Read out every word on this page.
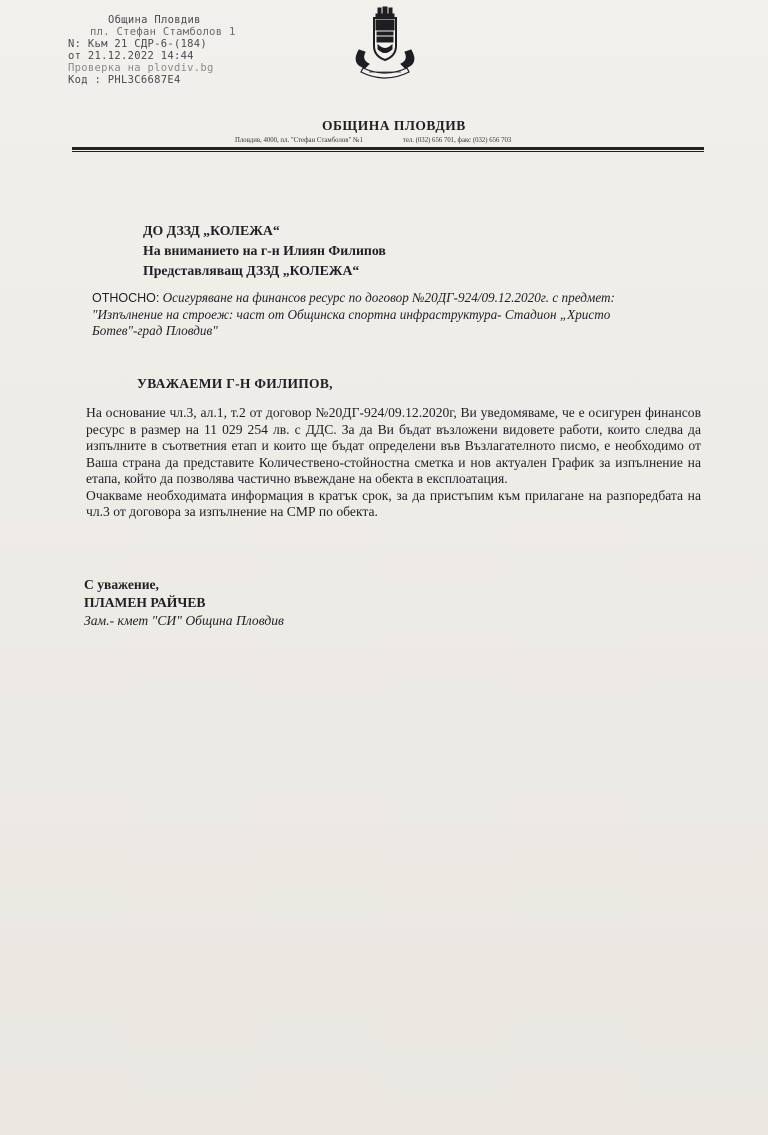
Община Пловдив
пл. Стефан Стамболов 1
N: Кьм 21 СДР-6-(184)
от 21.12.2022 14:44
Проверка на plovdiv.bg
Код : PHL3C6687E4
ОБЩИНА ПЛОВДИВ
Пловдив, 4000, пл. "Стефан Стамболов" №1	тел. (032) 656 701, факс (032) 656 703
ДО ДЗЗД „КОЛЕЖА“
На вниманието на г-н Илиян Филипов
Представляващ ДЗЗД „КОЛЕЖА“
ОТНОСНО: Осигуряване на финансов ресурс по договор №20ДГ-924/09.12.2020г. с предмет:
"Изпълнение на строеж: част от Общинска спортна инфраструктура- Стадион „Христо
Ботев"-град Пловдив"
УВАЖАЕМИ Г-Н ФИЛИПОВ,

На основание чл.3, ал.1, т.2 от договор №20ДГ-924/09.12.2020г, Ви уведомяваме, че е осигурен финансов ресурс в размер на 11 029 254 лв. с ДДС. За да Ви бъдат възложени видовете работи, които следва да изпълните в съответния етап и които ще бъдат определени във Възлагателното писмо, е необходимо от Ваша страна да представите Количествено-стойностна сметка и нов актуален График за изпълнение на етапа, който да позволява частично въвеждане на обекта в експлоатация.

Очакваме необходимата информация в кратък срок, за да пристъпим към прилагане на разпоредбата на чл.3 от договора за изпълнение на СМР по обекта.

С уважение,
ПЛАМЕН РАЙЧЕВ
Зам.- кмет "СИ" Община Пловдив
